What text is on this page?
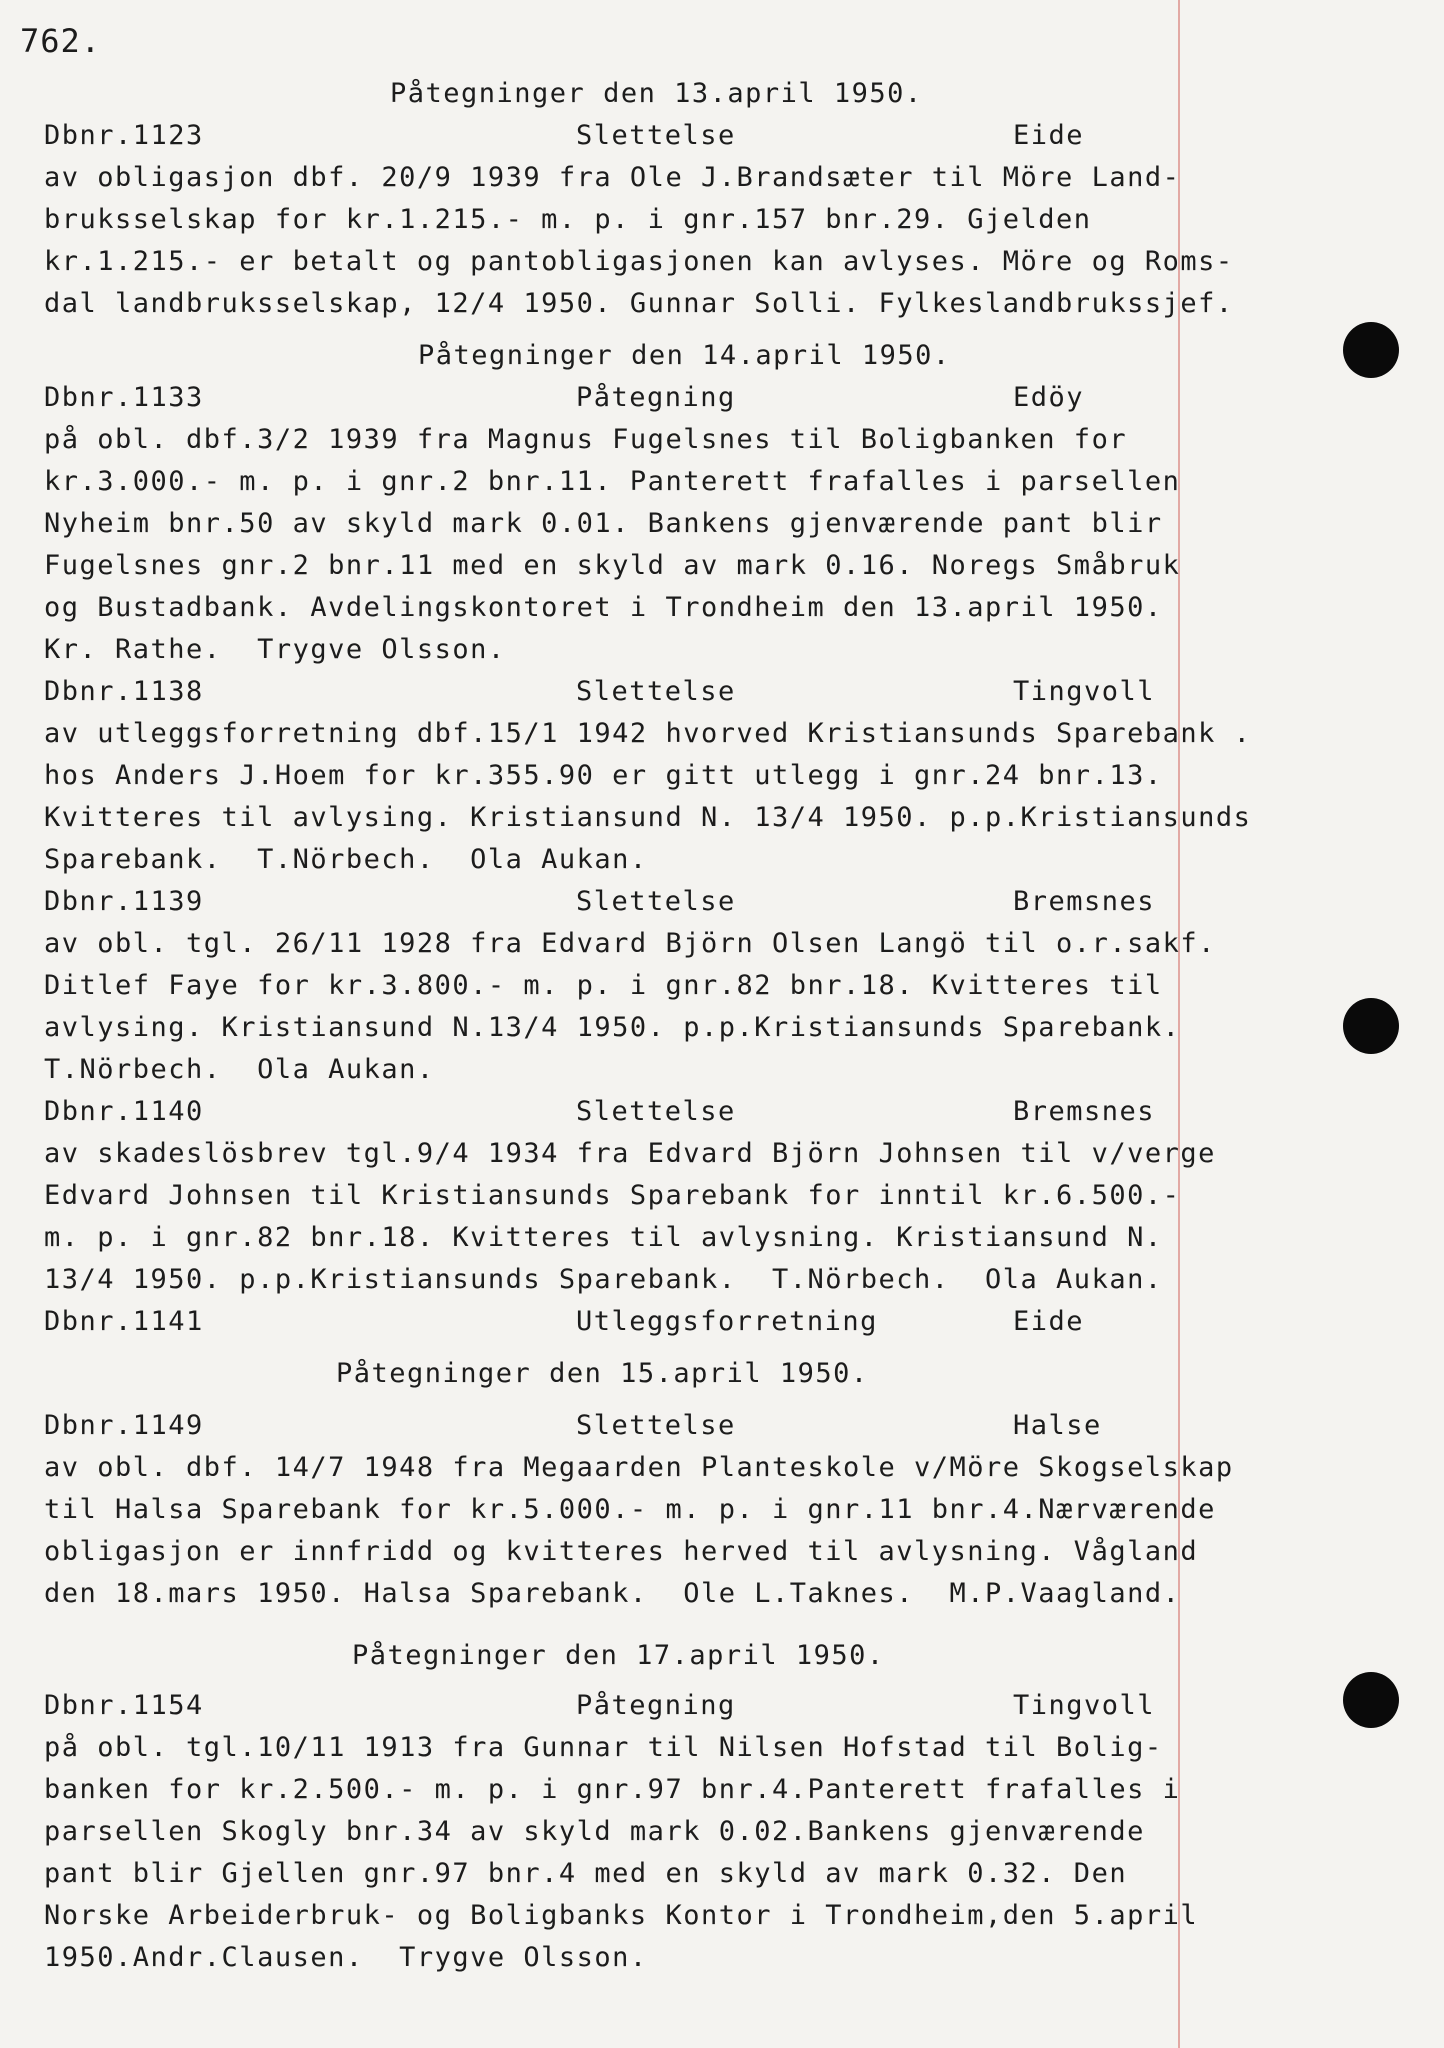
762.
Påtegninger den 13.april 1950.
Dbnr.1123	Slettelse	Eide
av obligasjon dbf. 20/9 1939 fra Ole J.Brandsæter til Möre Land-
bruksselskap for kr.1.215.- m. p. i gnr.157 bnr.29. Gjelden
kr.1.215.- er betalt og pantobligasjonen kan avlyses. Möre og Roms-
dal landbruksselskap, 12/4 1950. Gunnar Solli. Fylkeslandbrukssjef.
Påtegninger den 14.april 1950.
Dbnr.1133	Påtegning	Edöy
på obl. dbf.3/2 1939 fra Magnus Fugelsnes til Boligbanken for
kr.3.000.- m. p. i gnr.2 bnr.11. Panterett frafalles i parsellen
Nyheim bnr.50 av skyld mark 0.01. Bankens gjenværende pant blir
Fugelsnes gnr.2 bnr.11 med en skyld av mark 0.16. Noregs Småbruk
og Bustadbank. Avdelingskontoret i Trondheim den 13.april 1950.
Kr. Rathe.  Trygve Olsson.
Dbnr.1138	Slettelse	Tingvoll
av utleggsforretning dbf.15/1 1942 hvorved Kristiansunds Sparebank .
hos Anders J.Hoem for kr.355.90 er gitt utlegg i gnr.24 bnr.13.
Kvitteres til avlysing. Kristiansund N. 13/4 1950. p.p.Kristiansunds
Sparebank.  T.Nörbech.  Ola Aukan.
Dbnr.1139	Slettelse	Bremsnes
av obl. tgl. 26/11 1928 fra Edvard Björn Olsen Langö til o.r.sakf.
Ditlef Faye for kr.3.800.- m. p. i gnr.82 bnr.18. Kvitteres til
avlysing. Kristiansund N.13/4 1950. p.p.Kristiansunds Sparebank.
T.Nörbech.  Ola Aukan.
Dbnr.1140	Slettelse	Bremsnes
av skadeslösbrev tgl.9/4 1934 fra Edvard Björn Johnsen til v/verge
Edvard Johnsen til Kristiansunds Sparebank for inntil kr.6.500.-
m. p. i gnr.82 bnr.18. Kvitteres til avlysning. Kristiansund N.
13/4 1950. p.p.Kristiansunds Sparebank.  T.Nörbech.  Ola Aukan.
Dbnr.1141	Utleggsforretning	Eide
Påtegninger den 15.april 1950.
Dbnr.1149	Slettelse	Halse
av obl. dbf. 14/7 1948 fra Megaarden Planteskole v/Möre Skogselskap
til Halsa Sparebank for kr.5.000.- m. p. i gnr.11 bnr.4.Nærværende
obligasjon er innfridd og kvitteres herved til avlysning. Vågland
den 18.mars 1950. Halsa Sparebank.  Ole L.Taknes.  M.P.Vaagland.
Påtegninger den 17.april 1950.
Dbnr.1154	Påtegning	Tingvoll
på obl. tgl.10/11 1913 fra Gunnar til Nilsen Hofstad til Bolig-
banken for kr.2.500.- m. p. i gnr.97 bnr.4.Panterett frafalles i
parsellen Skogly bnr.34 av skyld mark 0.02.Bankens gjenværende
pant blir Gjellen gnr.97 bnr.4 med en skyld av mark 0.32. Den
Norske Arbeiderbruk- og Boligbanks Kontor i Trondheim,den 5.april
1950.Andr.Clausen.  Trygve Olsson.
